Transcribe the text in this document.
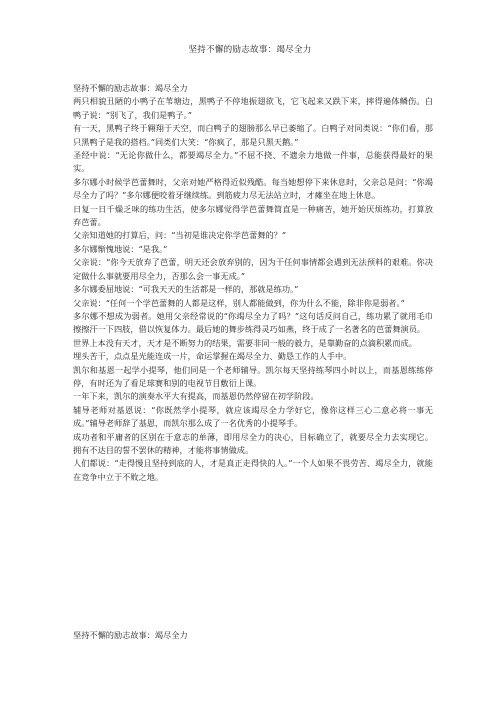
坚持不懈的励志故事：竭尽全力

坚持不懈的励志故事：竭尽全力

两只相貌丑陋的小鸭子在苇塘边，黑鸭子不停地振翅欲飞，它飞起来又跌下来，摔得遍体鳞伤。白鸭子说：“别飞了，我们是鸭子。”

有一天，黑鸭子终于翱翔于天空，而白鸭子的翅膀那么早已萎缩了。白鸭子对同类说：“你们看，那只黑鸭子是我的搭档。”同类们大笑：“你疯了，那是只黑天鹅。”

圣经中说：“无论你做什么，都要竭尽全力。”不屈不挠、不遗余力地做一件事，总能获得最好的果实。

多尔娜小时候学芭蕾舞时，父亲对她严格得近似残酷。每当她想停下来休息时，父亲总是问：“你竭尽全力了吗？”多尔娜便咬着牙继续练。到筋疲力尽无法站立时，才瘫坐在地上休息。

日复一日千燥乏味的练功生活，使多尔娜觉得学芭蕾舞简直是一种痛苦，她开始厌烦练功，打算放弃芭蕾。

父亲知道她的打算后，问：“当初是谁决定你学芭蕾舞的？”

多尔娜惭愧地说：“是我。”

父亲说：“你今天放弃了芭蕾，明天还会放弃别的，因为干任何事情都会遇到无法预料的艰难。你决定做什么事就要用尽全力，否那么会一事无成。”

多尔娜委屈地说：“可我天天的生活都是一样的，那就是练功。”

父亲说：“任何一个学芭蕾舞的人都是这样，别人都能做到，你为什么不能，除非你是弱者。”

多尔娜不想成为弱者。她用父亲经常说的“你竭尽全力了吗？”这句话反问自己，练功累了就用毛巾擦擦汗一下四肢，借以恢复体力。最后她的舞步练得灵巧如燕，终于成了一名著名的芭蕾舞演员。

世界上本没有天才，天才是不断努力的结果，需要非同一般的毅力，是靠勤奋的点滴积累而成。

埋头苦干，点点星光能连成一片，命运掌握在竭尽全力、勤恳工作的人手中。

凯尔和基恩一起学小提琴，他们同是一个老师辅导。凯尔每天坚持练琴四小时以上，而基恩练练停停，有时还为了看足球赛和别的电视节目敷衍上课。

一年下来，凯尔的演奏水平大有提高，而基恩仍然停留在初学阶段。

辅导老师对基恩说：“你既然学小提琴，就应该竭尽全力学好它，像你这样三心二意必将一事无成。”辅导老师辞了基恩，而凯尔那么成了一名优秀的小提琴手。

成功者和平庸者的区别在于意志的单薄，即用尽全力的决心，目标确立了，就要尽全力去实现它。拥有不达目的誓不罢休的精神，才能将事情做成。

人们都说：“走得慢且坚持到底的人，才是真正走得快的人。”一个人如果不畏劳苦、竭尽全力，就能在竞争中立于不败之地。

坚持不懈的励志故事：竭尽全力
